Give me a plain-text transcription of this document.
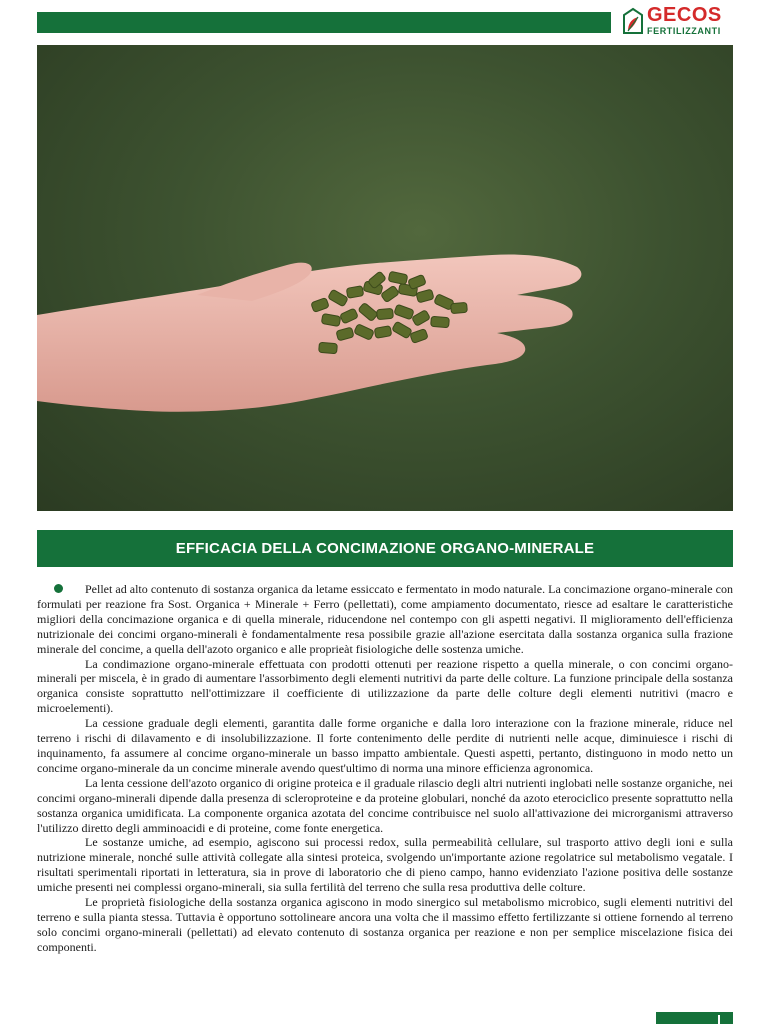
GECOS
FERTILIZZANTI
EFFICACIA DELLA CONCIMAZIONE ORGANO-MINERALE

Pellet ad alto contenuto di sostanza organica da letame essiccato e fermentato in modo naturale. La concimazione organo-minerale con formulati per reazione fra Sost. Organica + Minerale + Ferro (pellettati), come ampiamento documentato, riesce ad esaltare le caratteristiche migliori della concimazione organica e di quella minerale, riducendone nel contempo con gli aspetti negativi. Il miglioramento dell'efficienza nutrizionale dei concimi organo-minerali è fondamentalmente resa possibile grazie all'azione esercitata dalla sostanza organica sulla frazione minerale del concime, a quella dell'azoto organico e alle proprieàt fisiologiche delle sostenza umiche.

La condimazione organo-minerale effettuata con prodotti ottenuti per reazione rispetto a quella minerale, o con concimi organo-minerali per miscela, è in grado di aumentare l'assorbimento degli elementi nutritivi da parte delle colture. La funzione principale della sostanza organica consiste soprattutto nell'ottimizzare il coefficiente di utilizzazione da parte delle colture degli elementi nutritivi (macro e microelementi).

La cessione graduale degli elementi, garantita dalle forme organiche e dalla loro interazione con la frazione minerale, riduce nel terreno i rischi di dilavamento e di insolubilizzazione. Il forte contenimento delle perdite di nutrienti nelle acque, diminuiesce i rischi di inquinamento, fa assumere al concime organo-minerale un basso impatto ambientale. Questi aspetti, pertanto, distinguono in modo netto un concime organo-minerale da un concime minerale avendo quest'ultimo di norma una minore efficienza agronomica.

La lenta cessione dell'azoto organico di origine proteica e il graduale rilascio degli altri nutrienti inglobati nelle sostanze organiche, nei concimi organo-minerali dipende dalla presenza di scleroproteine e da proteine globulari, nonché da azoto eterociclico presente soprattutto nella sostanza organica umidificata. La componente organica azotata del concime contribuisce nel suolo all'attivazione dei microrganismi attraverso l'utilizzo diretto degli amminoacidi e di proteine, come fonte energetica.

Le sostanze umiche, ad esempio, agiscono sui processi redox, sulla permeabilità cellulare, sul trasporto attivo degli ioni e sulla nutrizione minerale, nonché sulle attività collegate alla sintesi proteica, svolgendo un'importante azione regolatrice sul metabolismo vegatale. I risultati sperimentali riportati in letteratura, sia in prove di laboratorio che di pieno campo, hanno evidenziato l'azione positiva delle sostanze umiche presenti nei complessi organo-minerali, sia sulla fertilità del terreno che sulla resa produttiva delle colture.

Le proprietà fisiologiche della sostanza organica agiscono in modo sinergico sul metabolismo microbico, sugli elementi nutritivi del terreno e sulla pianta stessa. Tuttavia è opportuno sottolineare ancora una volta che il massimo effetto fertilizzante si ottiene fornendo al terreno solo concimi organo-minerali (pellettati) ad elevato contenuto di sostanza organica per reazione e non per semplice miscelazione fisica dei componenti.
